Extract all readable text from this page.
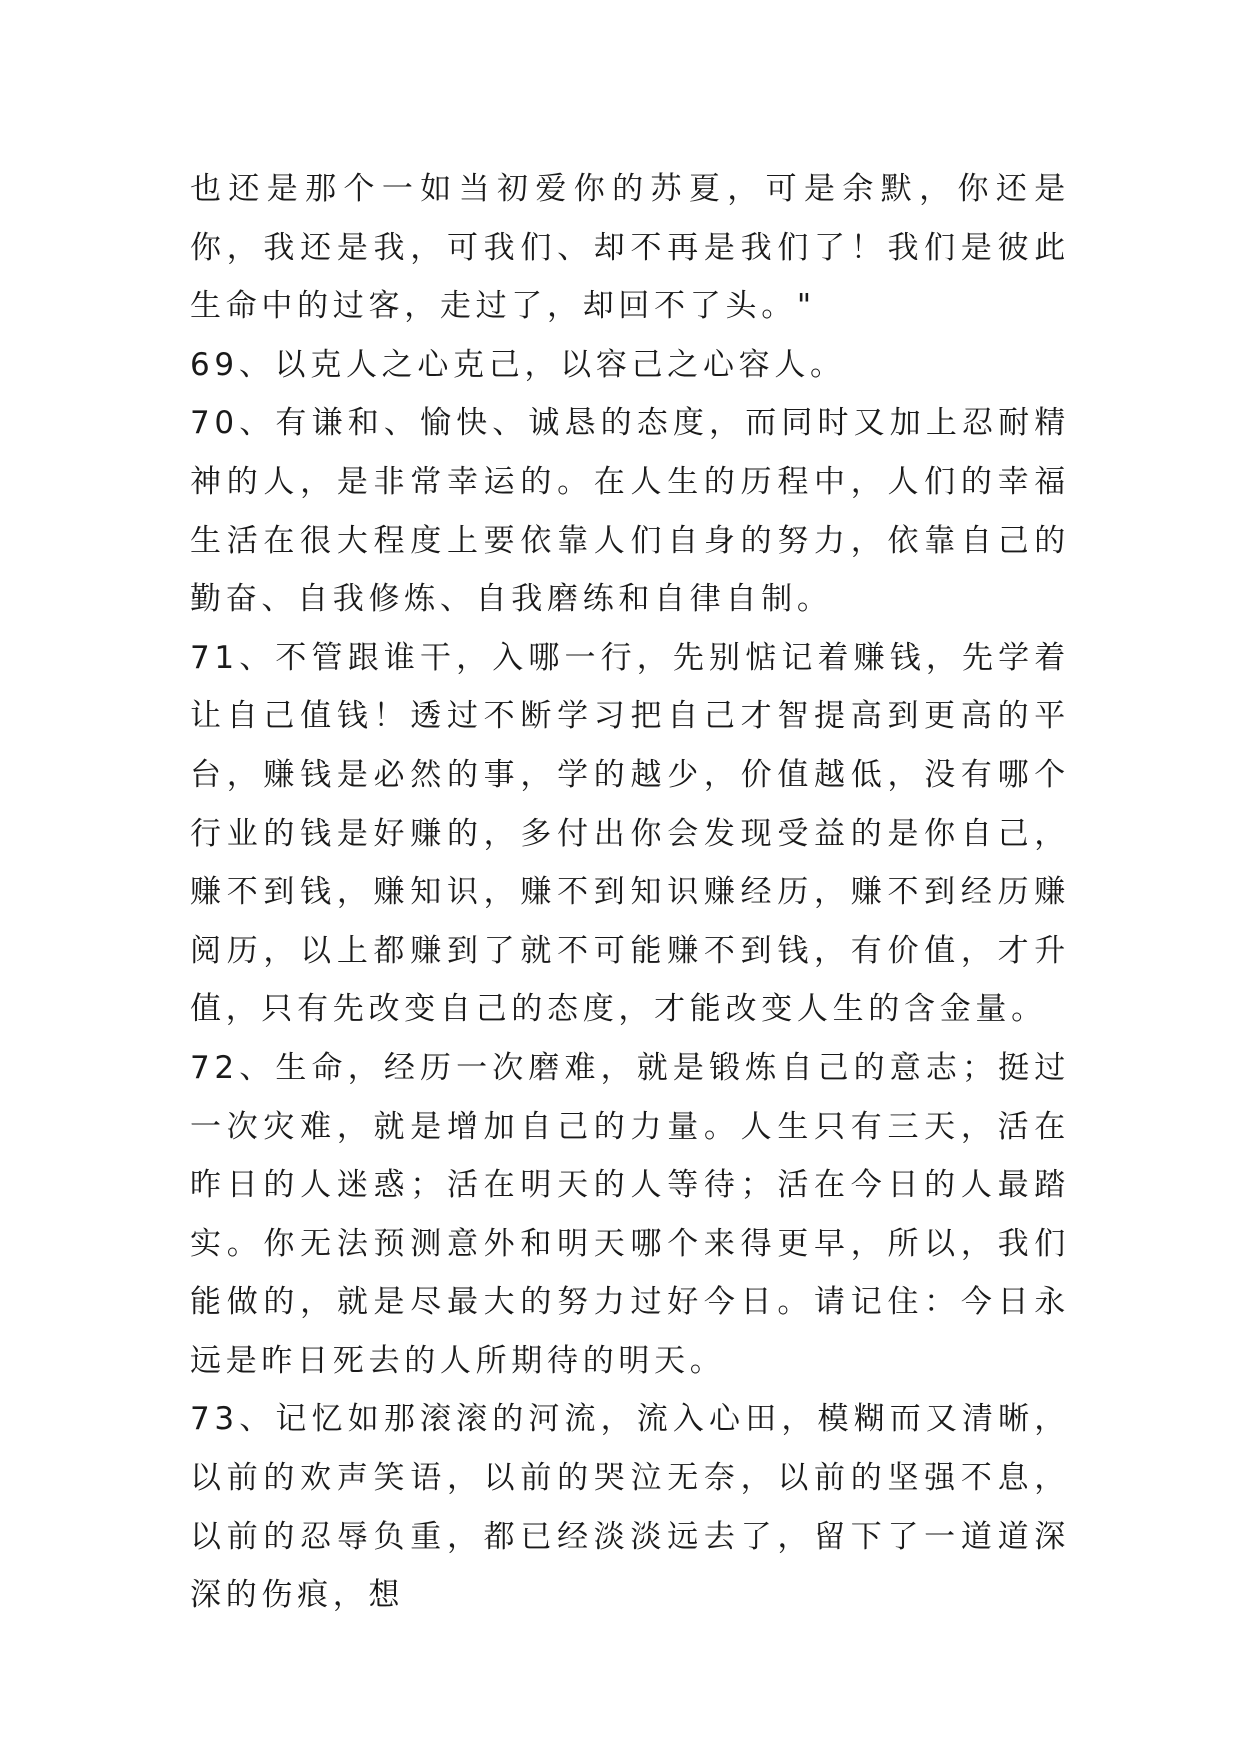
也还是那个一如当初爱你的苏夏，可是余默，你还是你，我还是我，可我们、却不再是我们了！我们是彼此生命中的过客，走过了，却回不了头。"

69、以克人之心克己，以容己之心容人。

70、有谦和、愉快、诚恳的态度，而同时又加上忍耐精神的人，是非常幸运的。在人生的历程中，人们的幸福生活在很大程度上要依靠人们自身的努力，依靠自己的勤奋、自我修炼、自我磨练和自律自制。

71、不管跟谁干，入哪一行，先别惦记着赚钱，先学着让自己值钱！透过不断学习把自己才智提高到更高的平台，赚钱是必然的事，学的越少，价值越低，没有哪个行业的钱是好赚的，多付出你会发现受益的是你自己，赚不到钱，赚知识，赚不到知识赚经历，赚不到经历赚阅历，以上都赚到了就不可能赚不到钱，有价值，才升值，只有先改变自己的态度，才能改变人生的含金量。

72、生命，经历一次磨难，就是锻炼自己的意志；挺过一次灾难，就是增加自己的力量。人生只有三天，活在昨日的人迷惑；活在明天的人等待；活在今日的人最踏实。你无法预测意外和明天哪个来得更早，所以，我们能做的，就是尽最大的努力过好今日。请记住：今日永远是昨日死去的人所期待的明天。

73、记忆如那滚滚的河流，流入心田，模糊而又清晰，以前的欢声笑语，以前的哭泣无奈，以前的坚强不息，以前的忍辱负重，都已经淡淡远去了，留下了一道道深深的伤痕，想
